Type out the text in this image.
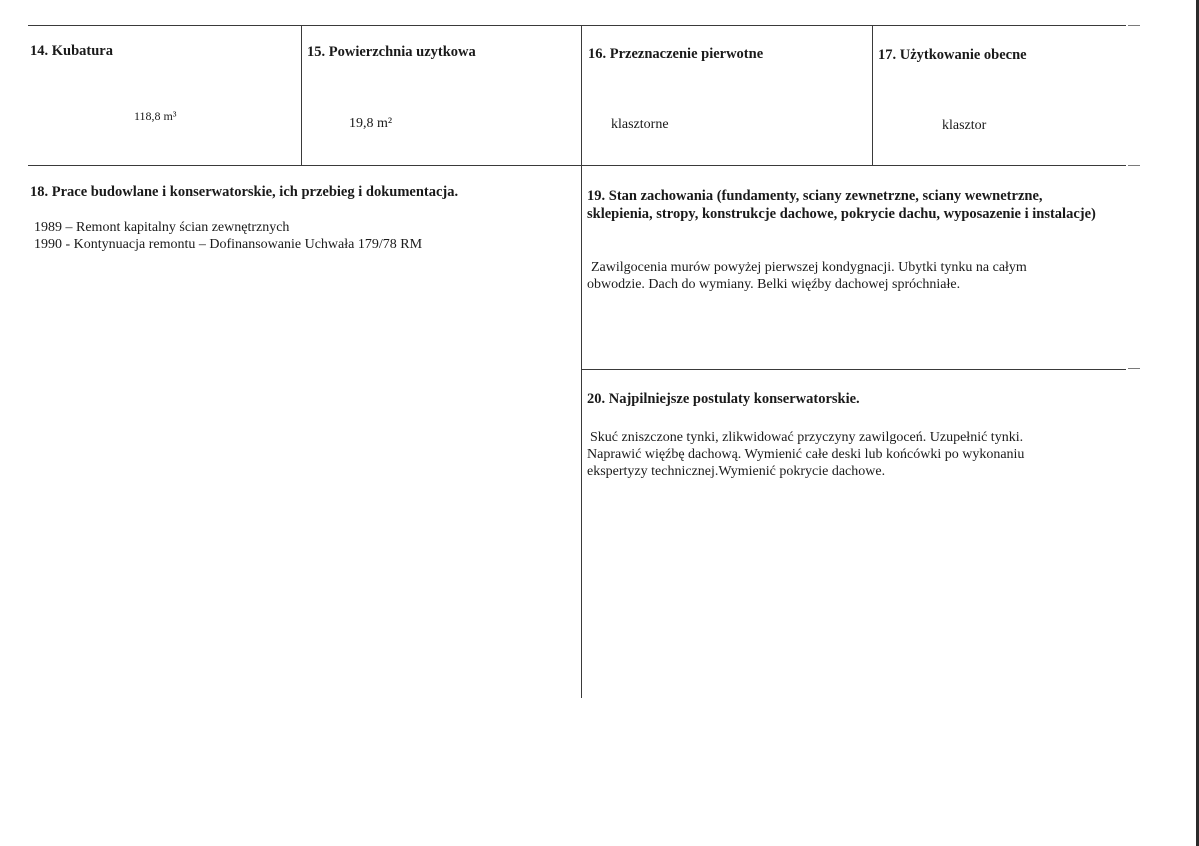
14. Kubatura
118,8 m³
15. Powierzchnia uzytkowa
19,8 m²
16. Przeznaczenie pierwotne
klasztorne
17. Użytkowanie obecne
klasztor
18. Prace budowlane i konserwatorskie, ich przebieg i dokumentacja.
1989 – Remont kapitalny ścian zewnętrznych
1990 - Kontynuacja remontu – Dofinansowanie Uchwała 179/78 RM
19. Stan zachowania (fundamenty, sciany zewnetrzne, sciany wewnetrzne,
sklepienia, stropy, konstrukcje dachowe, pokrycie dachu, wyposazenie i instalacje)
Zawilgocenia murów powyżej pierwszej kondygnacji. Ubytki tynku na całym
obwodzie. Dach do wymiany. Belki więźby dachowej spróchniałe.
20. Najpilniejsze postulaty konserwatorskie.
Skuć zniszczone tynki, zlikwidować przyczyny zawilgoceń. Uzupełnić tynki.
Naprawić więźbę dachową. Wymienić całe deski lub końcówki po wykonaniu
ekspertyzy technicznej.Wymienić pokrycie dachowe.
